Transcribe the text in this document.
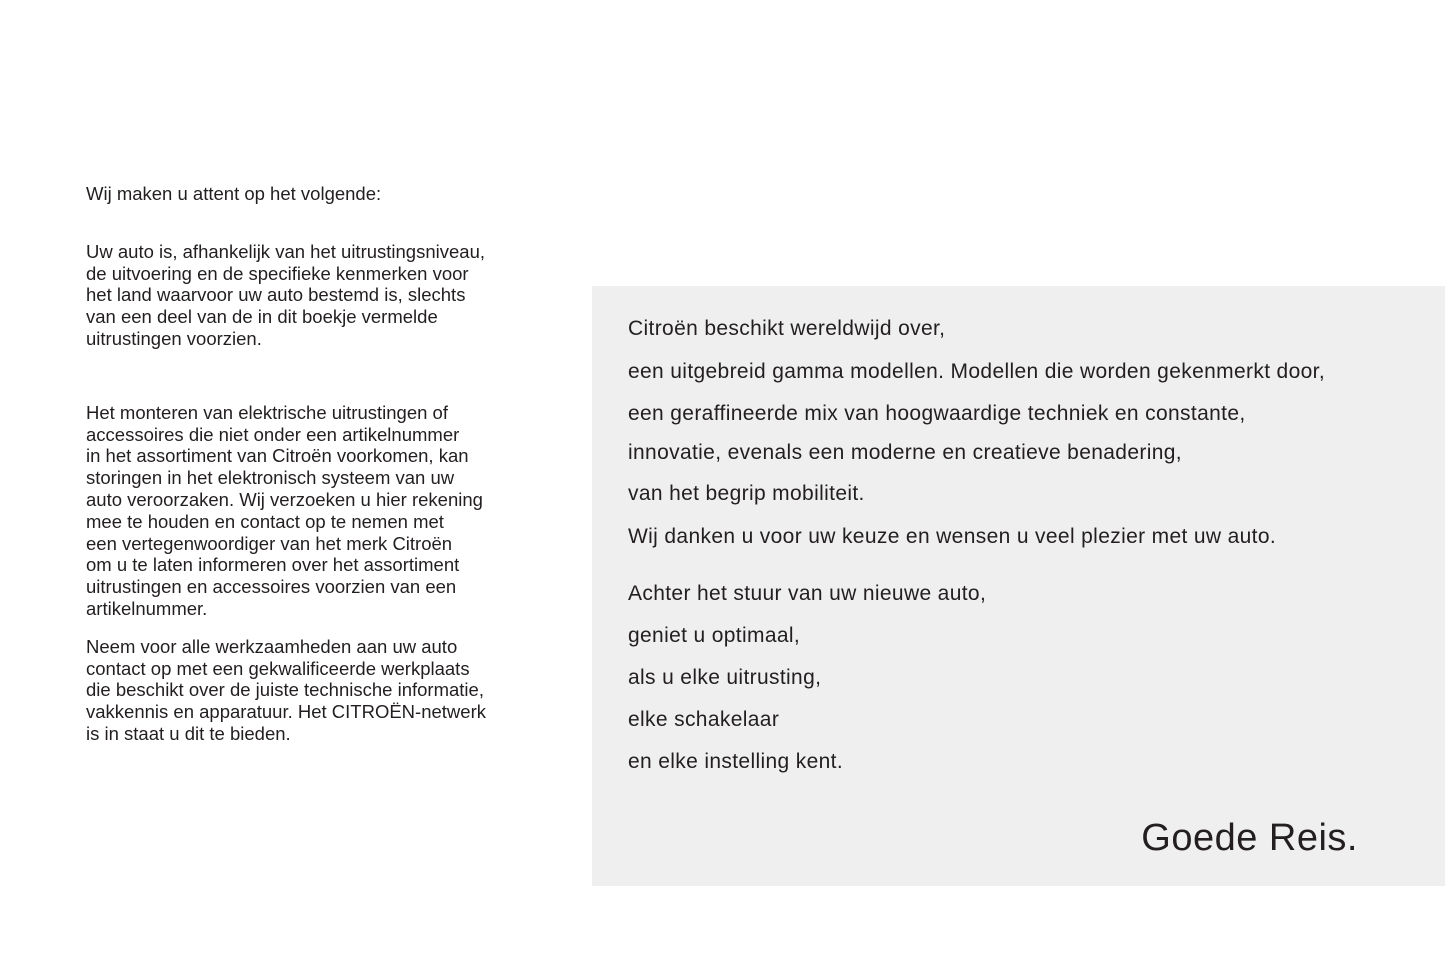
Wij maken u attent op het volgende:

Uw auto is, afhankelijk van het uitrustingsniveau,
de uitvoering en de specifieke kenmerken voor
het land waarvoor uw auto bestemd is, slechts
van een deel van de in dit boekje vermelde
uitrustingen voorzien.

Het monteren van elektrische uitrustingen of
accessoires die niet onder een artikelnummer
in het assortiment van Citroën voorkomen, kan
storingen in het elektronisch systeem van uw
auto veroorzaken. Wij verzoeken u hier rekening
mee te houden en contact op te nemen met
een vertegenwoordiger van het merk Citroën
om u te laten informeren over het assortiment
uitrustingen en accessoires voorzien van een
artikelnummer.

Neem voor alle werkzaamheden aan uw auto
contact op met een gekwalificeerde werkplaats
die beschikt over de juiste technische informatie,
vakkennis en apparatuur. Het CITROËN-netwerk
is in staat u dit te bieden.

Citroën beschikt wereldwijd over,
een uitgebreid gamma modellen. Modellen die worden gekenmerkt door,
een geraffineerde mix van hoogwaardige techniek en constante,
innovatie, evenals een moderne en creatieve benadering,
van het begrip mobiliteit.
Wij danken u voor uw keuze en wensen u veel plezier met uw auto.
Achter het stuur van uw nieuwe auto,
geniet u optimaal,
als u elke uitrusting,
elke schakelaar
en elke instelling kent.
Goede Reis.
